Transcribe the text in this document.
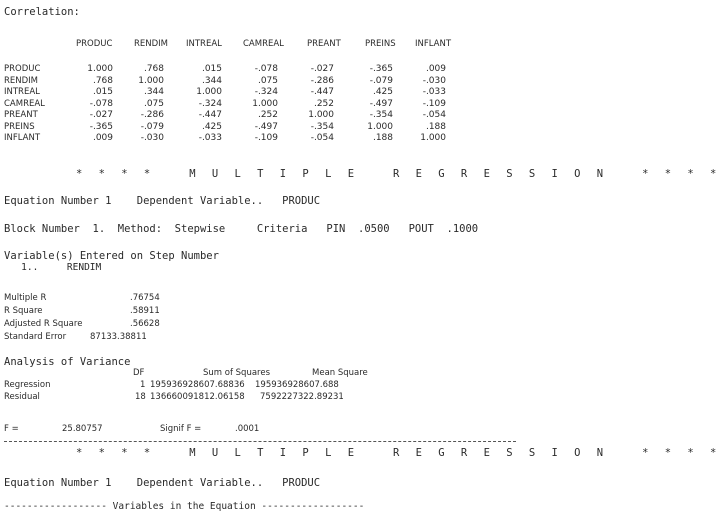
Correlation:
PRODUC	RENDIM INTREAL CAMREAL	PREANT	PREINS INFLANT
PRODUC	1.000	.768	.015	-.078	-.027	-.365	.009
RENDIM	.768	1.000	.344	.075	-.286	-.079	-.030
INTREAL	.015	.344	1.000	-.324	-.447	.425	-.033
CAMREAL	-.078	.075	-.324	1.000	.252	-.497	-.109
PREANT	-.027	-.286	-.447	.252	1.000	-.354	-.054
PREINS	-.365	-.079	.425	-.497	-.354	1.000	.188
INFLANT	.009	-.030	-.033	-.109	-.054	.188	1.000
* * * *   M U L T I P L E   R E G R E S S I O N   * * * *
Equation Number 1    Dependent Variable..   PRODUC
Block Number  1.  Method:  Stepwise     Criteria   PIN  .0500   POUT  .1000
Variable(s) Entered on Step Number
1..     RENDIM
Multiple R	.76754
R Square	.58911
Adjusted R Square	.56628
Standard Error	87133.38811
Analysis of Variance
DF	Sum of Squares	Mean Square
Regression	1 195936928607.68836 195936928607.688
Residual	18 136660091812.06158 7592227322.89231
F =	25.80757	Signif F =	.0001
* * * *   M U L T I P L E   R E G R E S S I O N   * * * *
Equation Number 1    Dependent Variable..   PRODUC
------------------ Variables in the Equation ------------------
